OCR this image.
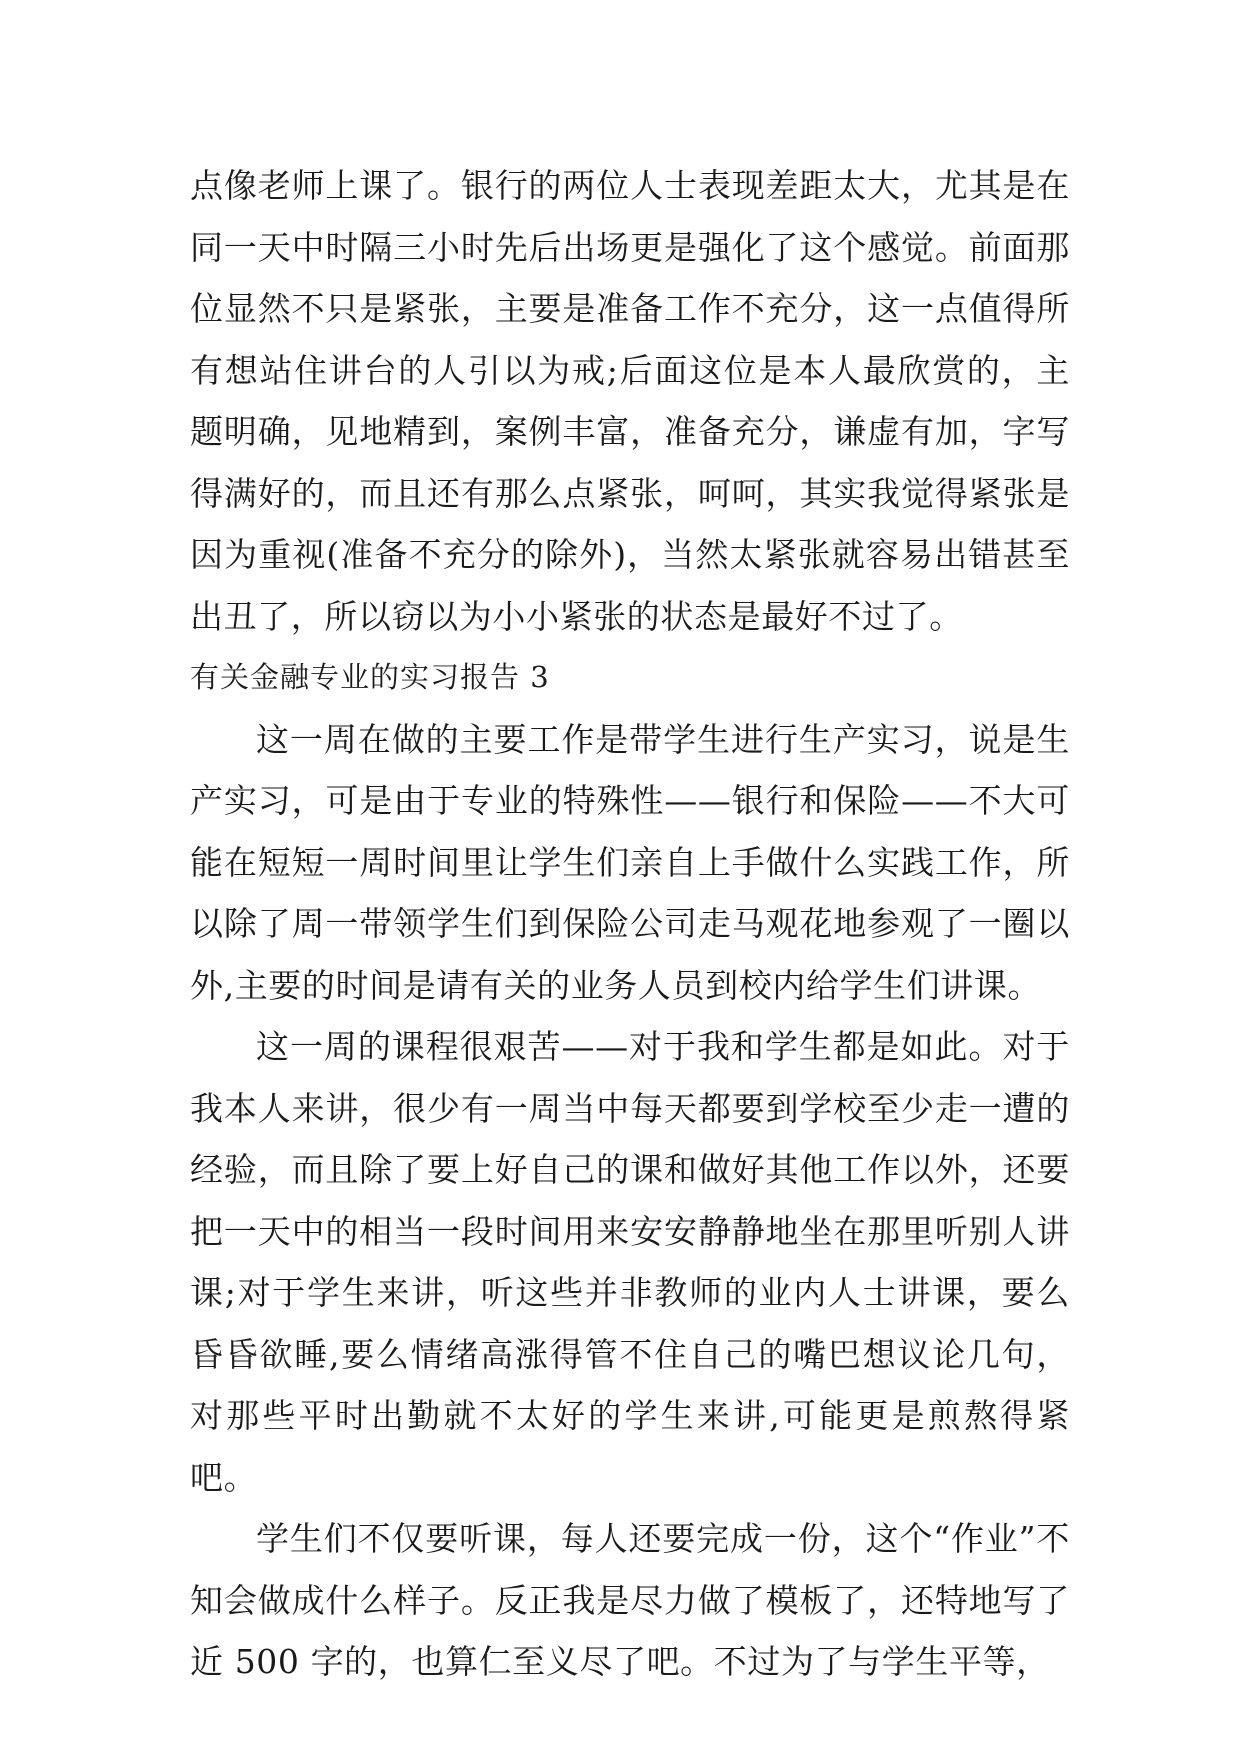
点像老师上课了。银行的两位人士表现差距太大，尤其是在同一天中时隔三小时先后出场更是强化了这个感觉。前面那位显然不只是紧张，主要是准备工作不充分，这一点值得所有想站住讲台的人引以为戒;后面这位是本人最欣赏的，主题明确，见地精到，案例丰富，准备充分，谦虚有加，字写得满好的，而且还有那么点紧张，呵呵，其实我觉得紧张是因为重视(准备不充分的除外)，当然太紧张就容易出错甚至出丑了，所以窃以为小小紧张的状态是最好不过了。

有关金融专业的实习报告 3

这一周在做的主要工作是带学生进行生产实习，说是生产实习，可是由于专业的特殊性——银行和保险——不大可能在短短一周时间里让学生们亲自上手做什么实践工作，所以除了周一带领学生们到保险公司走马观花地参观了一圈以外,主要的时间是请有关的业务人员到校内给学生们讲课。

这一周的课程很艰苦——对于我和学生都是如此。对于我本人来讲，很少有一周当中每天都要到学校至少走一遭的经验，而且除了要上好自己的课和做好其他工作以外，还要把一天中的相当一段时间用来安安静静地坐在那里听别人讲课;对于学生来讲，听这些并非教师的业内人士讲课，要么昏昏欲睡,要么情绪高涨得管不住自己的嘴巴想议论几句，对那些平时出勤就不太好的学生来讲,可能更是煎熬得紧吧。

学生们不仅要听课，每人还要完成一份，这个“作业”不知会做成什么样子。反正我是尽力做了模板了，还特地写了近 500 字的，也算仁至义尽了吧。不过为了与学生平等，
